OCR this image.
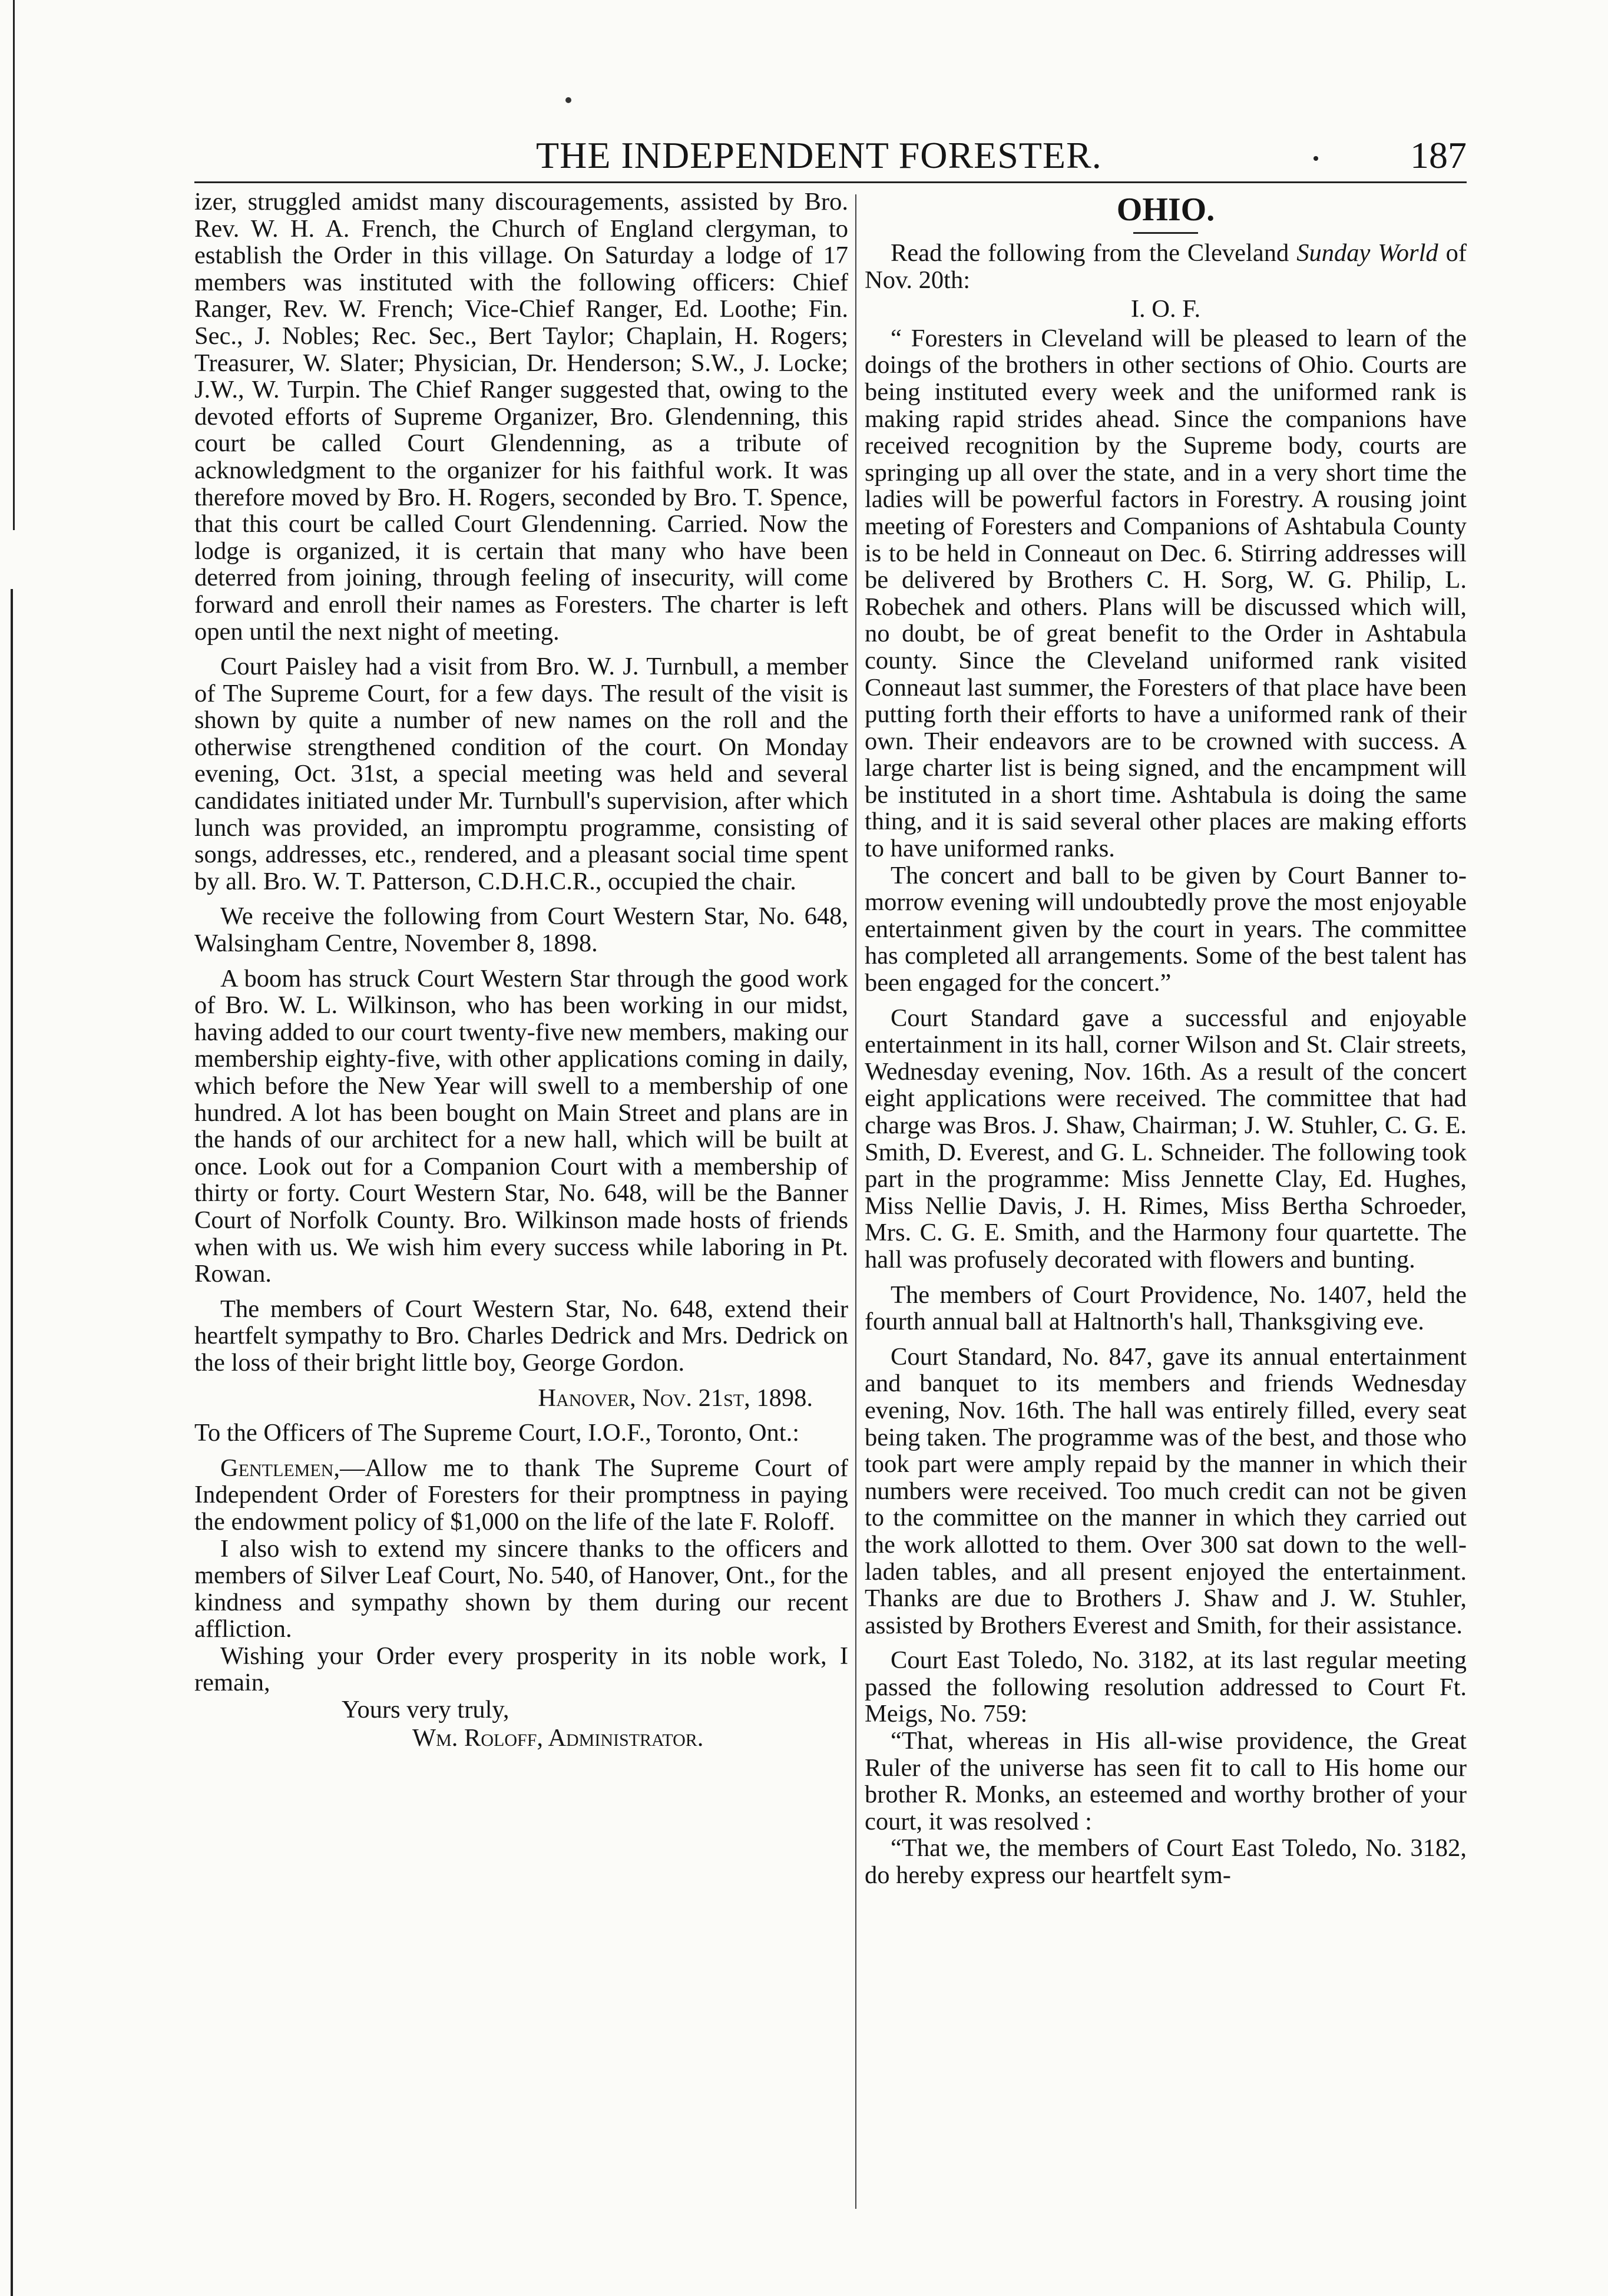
THE INDEPENDENT FORESTER.	187

izer, struggled amidst many discouragements, assisted by Bro. Rev. W. H. A. French, the Church of England clergyman, to establish the Order in this village. On Saturday a lodge of 17 members was instituted with the following officers: Chief Ranger, Rev. W. French; Vice-Chief Ranger, Ed. Loothe; Fin. Sec., J. Nobles; Rec. Sec., Bert Taylor; Chaplain, H. Rogers; Treasurer, W. Slater; Physician, Dr. Henderson; S.W., J. Locke; J.W., W. Turpin. The Chief Ranger suggested that, owing to the devoted efforts of Supreme Organizer, Bro. Glendenning, this court be called Court Glendenning, as a tribute of acknowledgment to the organizer for his faithful work. It was therefore moved by Bro. H. Rogers, seconded by Bro. T. Spence, that this court be called Court Glendenning. Carried. Now the lodge is organized, it is certain that many who have been deterred from joining, through feeling of insecurity, will come forward and enroll their names as Foresters. The charter is left open until the next night of meeting.

Court Paisley had a visit from Bro. W. J. Turnbull, a member of The Supreme Court, for a few days. The result of the visit is shown by quite a number of new names on the roll and the otherwise strengthened condition of the court. On Monday evening, Oct. 31st, a special meeting was held and several candidates initiated under Mr. Turnbull's supervision, after which lunch was provided, an impromptu programme, consisting of songs, addresses, etc., rendered, and a pleasant social time spent by all. Bro. W. T. Patterson, C.D.H.C.R., occupied the chair.

We receive the following from Court Western Star, No. 648, Walsingham Centre, November 8, 1898.

A boom has struck Court Western Star through the good work of Bro. W. L. Wilkinson, who has been working in our midst, having added to our court twenty-five new members, making our membership eighty-five, with other applications coming in daily, which before the New Year will swell to a membership of one hundred. A lot has been bought on Main Street and plans are in the hands of our architect for a new hall, which will be built at once. Look out for a Companion Court with a membership of thirty or forty. Court Western Star, No. 648, will be the Banner Court of Norfolk County. Bro. Wilkinson made hosts of friends when with us. We wish him every success while laboring in Pt. Rowan.

The members of Court Western Star, No. 648, extend their heartfelt sympathy to Bro. Charles Dedrick and Mrs. Dedrick on the loss of their bright little boy, George Gordon.

Hanover, Nov. 21st, 1898.

To the Officers of The Supreme Court, I.O.F., Toronto, Ont.:

Gentlemen,—Allow me to thank The Supreme Court of Independent Order of Foresters for their promptness in paying the endowment policy of $1,000 on the life of the late F. Roloff.

I also wish to extend my sincere thanks to the officers and members of Silver Leaf Court, No. 540, of Hanover, Ont., for the kindness and sympathy shown by them during our recent affliction.

Wishing your Order every prosperity in its noble work, I remain,

Yours very truly,

Wm. Roloff, Administrator.

OHIO.

Read the following from the Cleveland Sunday World of Nov. 20th:

I. O. F.

“ Foresters in Cleveland will be pleased to learn of the doings of the brothers in other sections of Ohio. Courts are being instituted every week and the uniformed rank is making rapid strides ahead. Since the companions have received recognition by the Supreme body, courts are springing up all over the state, and in a very short time the ladies will be powerful factors in Forestry. A rousing joint meeting of Foresters and Companions of Ashtabula County is to be held in Conneaut on Dec. 6. Stirring addresses will be delivered by Brothers C. H. Sorg, W. G. Philip, L. Robechek and others. Plans will be discussed which will, no doubt, be of great benefit to the Order in Ashtabula county. Since the Cleveland uniformed rank visited Conneaut last summer, the Foresters of that place have been putting forth their efforts to have a uniformed rank of their own. Their endeavors are to be crowned with success. A large charter list is being signed, and the encampment will be instituted in a short time. Ashtabula is doing the same thing, and it is said several other places are making efforts to have uniformed ranks.

The concert and ball to be given by Court Banner to-morrow evening will undoubtedly prove the most enjoyable entertainment given by the court in years. The committee has completed all arrangements. Some of the best talent has been engaged for the concert.”

Court Standard gave a successful and enjoyable entertainment in its hall, corner Wilson and St. Clair streets, Wednesday evening, Nov. 16th. As a result of the concert eight applications were received. The committee that had charge was Bros. J. Shaw, Chairman; J. W. Stuhler, C. G. E. Smith, D. Everest, and G. L. Schneider. The following took part in the programme: Miss Jennette Clay, Ed. Hughes, Miss Nellie Davis, J. H. Rimes, Miss Bertha Schroeder, Mrs. C. G. E. Smith, and the Harmony four quartette. The hall was profusely decorated with flowers and bunting.

The members of Court Providence, No. 1407, held the fourth annual ball at Haltnorth's hall, Thanksgiving eve.

Court Standard, No. 847, gave its annual entertainment and banquet to its members and friends Wednesday evening, Nov. 16th. The hall was entirely filled, every seat being taken. The programme was of the best, and those who took part were amply repaid by the manner in which their numbers were received. Too much credit can not be given to the committee on the manner in which they carried out the work allotted to them. Over 300 sat down to the well-laden tables, and all present enjoyed the entertainment. Thanks are due to Brothers J. Shaw and J. W. Stuhler, assisted by Brothers Everest and Smith, for their assistance.

Court East Toledo, No. 3182, at its last regular meeting passed the following resolution addressed to Court Ft. Meigs, No. 759:

“That, whereas in His all-wise providence, the Great Ruler of the universe has seen fit to call to His home our brother R. Monks, an esteemed and worthy brother of your court, it was resolved :

“That we, the members of Court East Toledo, No. 3182, do hereby express our heartfelt sym-
